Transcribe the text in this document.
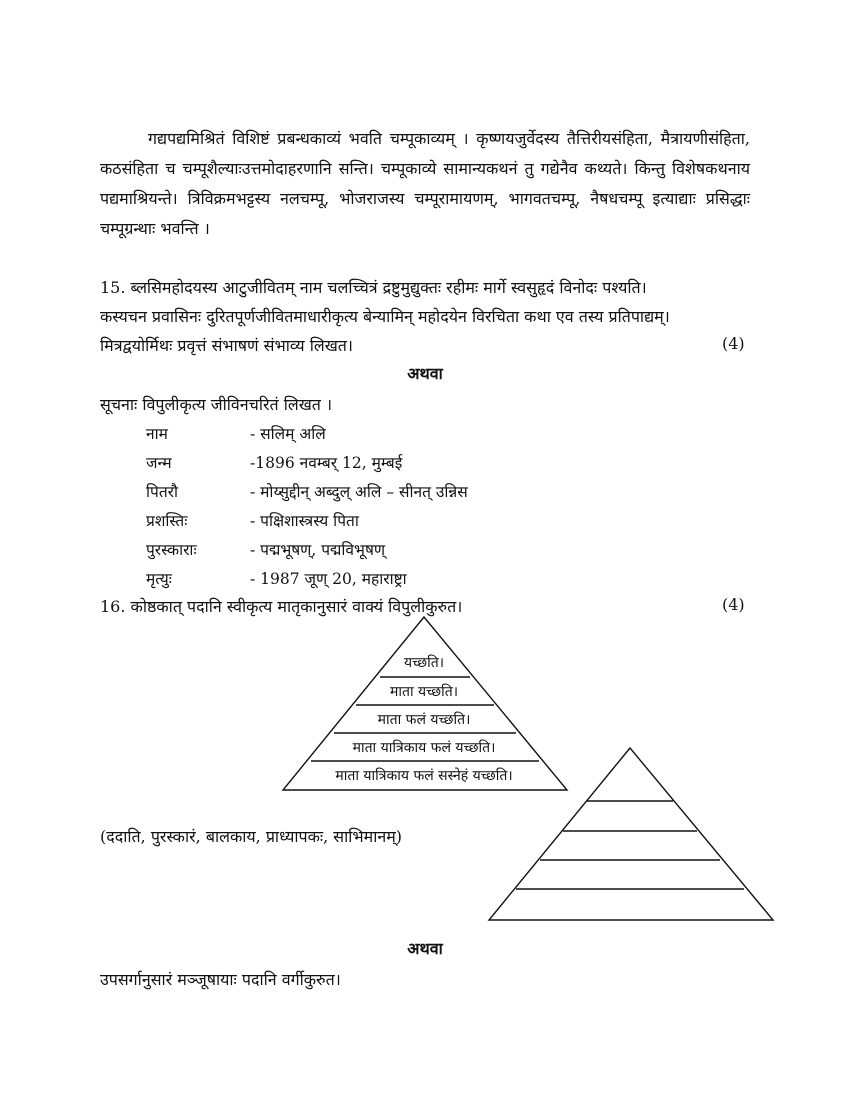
गद्यपद्यमिश्रितं विशिष्टं प्रबन्धकाव्यं भवति चम्पूकाव्यम् । कृष्णयजुर्वेदस्य तैत्तिरीयसंहिता, मैत्रायणीसंहिता, कठसंहिता च चम्पूशैल्याःउत्तमोदाहरणानि सन्ति। चम्पूकाव्ये सामान्यकथनं तु गद्येनैव कथ्यते। किन्तु विशेषकथनाय पद्यमाश्रियन्ते। त्रिविक्रमभट्टस्य नलचम्पू, भोजराजस्य चम्पूरामायणम्, भागवतचम्पू, नैषधचम्पू इत्याद्याः प्रसिद्धाः चम्पूग्रन्थाः भवन्ति ।
15. ब्लसिमहोदयस्य आटुजीवितम् नाम चलच्चित्रं द्रष्टुमुद्युक्तः रहीमः मार्गे स्वसुहृदं विनोदः पश्यति।
कस्यचन प्रवासिनः दुरितपूर्णजीवितमाधारीकृत्य बेन्यामिन् महोदयेन विरचिता कथा एव तस्य प्रतिपाद्यम्।
मित्रद्वयोर्मिथः प्रवृत्तं संभाषणं संभाव्य लिखत।	(4)
अथवा
सूचनाः विपुलीकृत्य जीविनचरितं लिखत ।
नाम	- सलिम् अलि
जन्म	-1896 नवम्बर् 12, मुम्बई
पितरौ	- मोय्सुद्दीन् अब्दुल् अलि – सीनत् उन्निस
प्रशस्तिः	- पक्षिशास्त्रस्य पिता
पुरस्काराः	- पद्मभूषण्, पद्मविभूषण्
मृत्युः	- 1987 जूण् 20, महाराष्ट्रा
16. कोष्ठकात् पदानि स्वीकृत्य मातृकानुसारं वाक्यं विपुलीकुरुत।	(4)
यच्छति।
माता यच्छति।
माता फलं यच्छति।
माता यात्रिकाय फलं यच्छति।
माता यात्रिकाय फलं सस्नेहं यच्छति।
(ददाति, पुरस्कारं, बालकाय, प्राध्यापकः, साभिमानम्)
अथवा
उपसर्गानुसारं मञ्जूषायाः पदानि वर्गीकुरुत।
